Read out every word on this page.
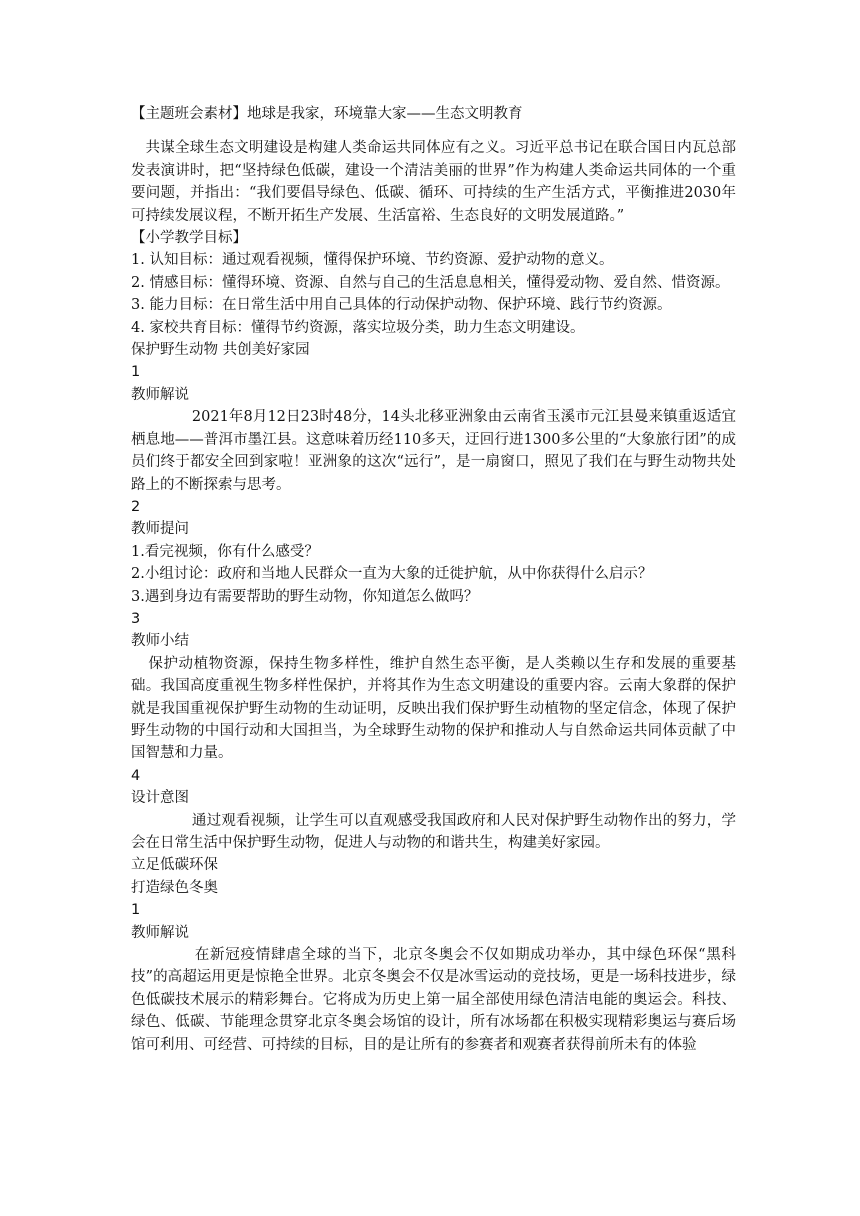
【主题班会素材】地球是我家，环境靠大家——生态文明教育

共谋全球生态文明建设是构建人类命运共同体应有之义。习近平总书记在联合国日内瓦总部发表演讲时，把“坚持绿色低碳，建设一个清洁美丽的世界”作为构建人类命运共同体的一个重要问题，并指出：“我们要倡导绿色、低碳、循环、可持续的生产生活方式，平衡推进2030年可持续发展议程，不断开拓生产发展、生活富裕、生态良好的文明发展道路。”

【小学教学目标】

1. 认知目标：通过观看视频，懂得保护环境、节约资源、爱护动物的意义。

2. 情感目标：懂得环境、资源、自然与自己的生活息息相关，懂得爱动物、爱自然、惜资源。

3. 能力目标：在日常生活中用自己具体的行动保护动物、保护环境、践行节约资源。

4. 家校共育目标：懂得节约资源，落实垃圾分类，助力生态文明建设。

保护野生动物 共创美好家园

1

教师解说

2021年8月12日23时48分，14头北移亚洲象由云南省玉溪市元江县曼来镇重返适宜栖息地——普洱市墨江县。这意味着历经110多天，迂回行进1300多公里的“大象旅行团”的成员们终于都安全回到家啦！亚洲象的这次“远行”，是一扇窗口，照见了我们在与野生动物共处路上的不断探索与思考。

2

教师提问

1.看完视频，你有什么感受？

2.小组讨论：政府和当地人民群众一直为大象的迁徙护航，从中你获得什么启示？

3.遇到身边有需要帮助的野生动物，你知道怎么做吗？

3

教师小结

保护动植物资源，保持生物多样性，维护自然生态平衡，是人类赖以生存和发展的重要基础。我国高度重视生物多样性保护，并将其作为生态文明建设的重要内容。云南大象群的保护就是我国重视保护野生动物的生动证明，反映出我们保护野生动植物的坚定信念，体现了保护野生动物的中国行动和大国担当，为全球野生动物的保护和推动人与自然命运共同体贡献了中国智慧和力量。

4

设计意图

通过观看视频，让学生可以直观感受我国政府和人民对保护野生动物作出的努力，学会在日常生活中保护野生动物，促进人与动物的和谐共生，构建美好家园。

立足低碳环保

打造绿色冬奥

1

教师解说

在新冠疫情肆虐全球的当下，北京冬奥会不仅如期成功举办，其中绿色环保“黑科技”的高超运用更是惊艳全世界。北京冬奥会不仅是冰雪运动的竞技场，更是一场科技进步，绿色低碳技术展示的精彩舞台。它将成为历史上第一届全部使用绿色清洁电能的奥运会。科技、绿色、低碳、节能理念贯穿北京冬奥会场馆的设计，所有冰场都在积极实现精彩奥运与赛后场馆可利用、可经营、可持续的目标，目的是让所有的参赛者和观赛者获得前所未有的体验
